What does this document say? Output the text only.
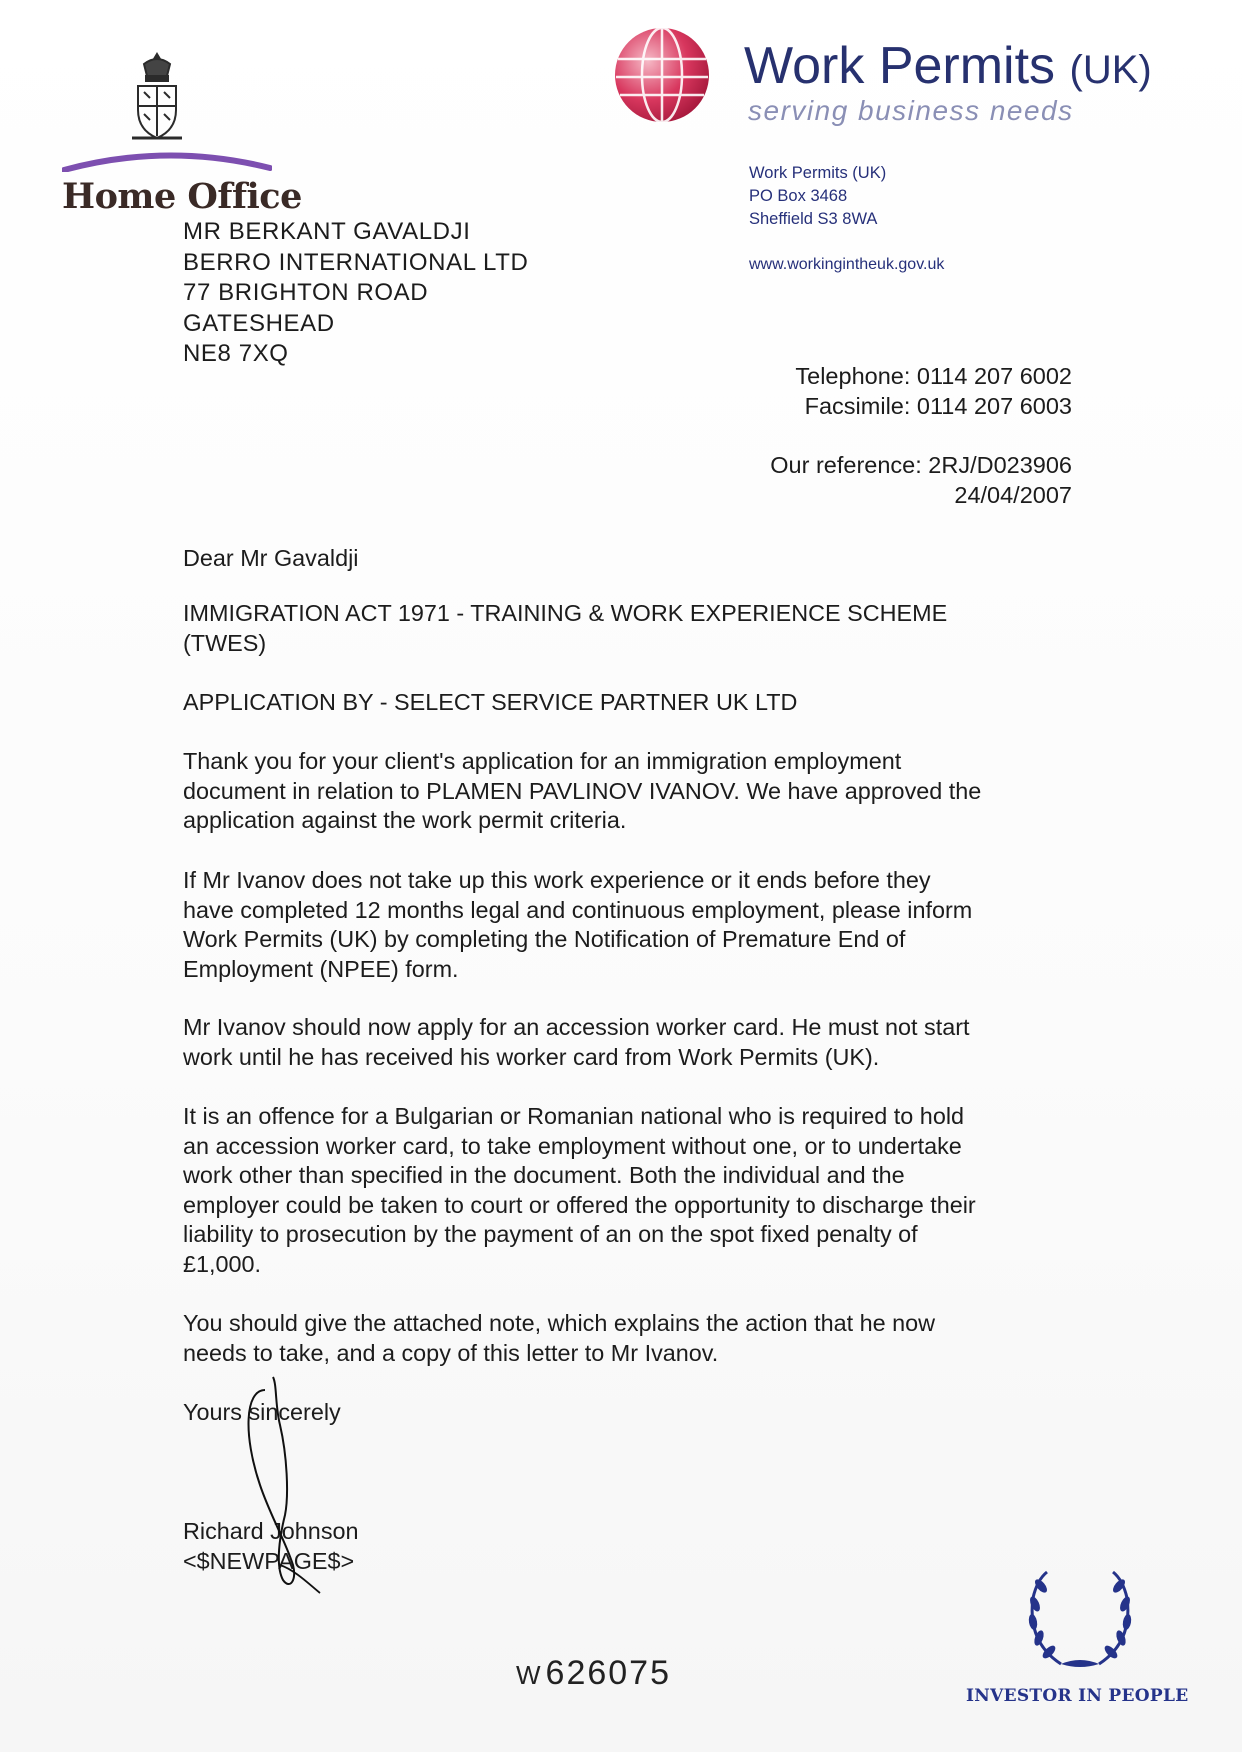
Home Office
Work Permits (UK)
serving business needs
Work Permits (UK)
PO Box 3468
Sheffield S3 8WA
www.workingintheuk.gov.uk
MR BERKANT GAVALDJI
BERRO INTERNATIONAL LTD
77 BRIGHTON ROAD
GATESHEAD
NE8 7XQ
Telephone: 0114 207 6002
Facsimile: 0114 207 6003
Our reference: 2RJ/D023906
24/04/2007
Dear Mr Gavaldji
IMMIGRATION ACT 1971 - TRAINING & WORK EXPERIENCE SCHEME
(TWES)
APPLICATION BY - SELECT SERVICE PARTNER UK LTD
Thank you for your client's application for an immigration employment
document in relation to PLAMEN PAVLINOV IVANOV. We have approved the
application against the work permit criteria.
If Mr Ivanov does not take up this work experience or it ends before they
have completed 12 months legal and continuous employment, please inform
Work Permits (UK) by completing the Notification of Premature End of
Employment (NPEE) form.
Mr Ivanov should now apply for an accession worker card. He must not start
work until he has received his worker card from Work Permits (UK).
It is an offence for a Bulgarian or Romanian national who is required to hold
an accession worker card, to take employment without one, or to undertake
work other than specified in the document. Both the individual and the
employer could be taken to court or offered the opportunity to discharge their
liability to prosecution by the payment of an on the spot fixed penalty of
£1,000.
You should give the attached note, which explains the action that he now
needs to take, and a copy of this letter to Mr Ivanov.
Yours sincerely
Richard Johnson
<$NEWPAGE$>
W626075
INVESTOR IN PEOPLE
